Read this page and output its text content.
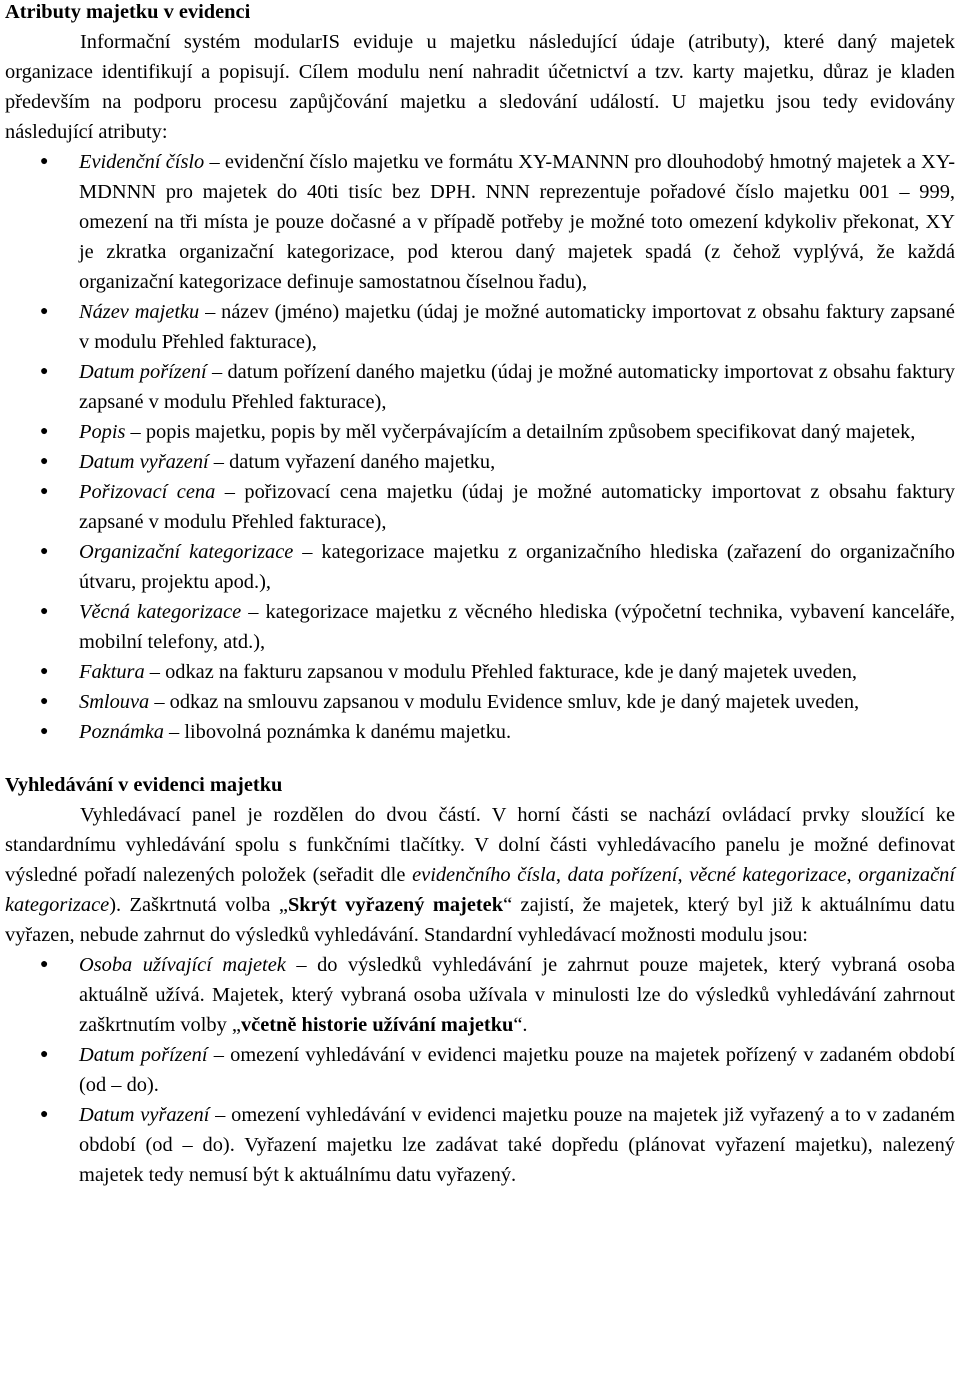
Atributy majetku v evidenci

Informační systém modularIS eviduje u majetku následující údaje (atributy), které daný majetek organizace identifikují a popisují. Cílem modulu není nahradit účetnictví a tzv. karty majetku, důraz je kladen především na podporu procesu zapůjčování majetku a sledování událostí. U majetku jsou tedy evidovány následující atributy:

● Evidenční číslo – evidenční číslo majetku ve formátu XY-MANNN pro dlouhodobý hmotný majetek a XY-MDNNN pro majetek do 40ti tisíc bez DPH. NNN reprezentuje pořadové číslo majetku 001 – 999, omezení na tři místa je pouze dočasné a v případě potřeby je možné toto omezení kdykoliv překonat, XY je zkratka organizační kategorizace, pod kterou daný majetek spadá (z čehož vyplývá, že každá organizační kategorizace definuje samostatnou číselnou řadu),
● Název majetku – název (jméno) majetku (údaj je možné automaticky importovat z obsahu faktury zapsané v modulu Přehled fakturace),
● Datum pořízení – datum pořízení daného majetku (údaj je možné automaticky importovat z obsahu faktury zapsané v modulu Přehled fakturace),
● Popis – popis majetku, popis by měl vyčerpávajícím a detailním způsobem specifikovat daný majetek,
● Datum vyřazení – datum vyřazení daného majetku,
● Pořizovací cena – pořizovací cena majetku (údaj je možné automaticky importovat z obsahu faktury zapsané v modulu Přehled fakturace),
● Organizační kategorizace – kategorizace majetku z organizačního hlediska (zařazení do organizačního útvaru, projektu apod.),
● Věcná kategorizace – kategorizace majetku z věcného hlediska (výpočetní technika, vybavení kanceláře, mobilní telefony, atd.),
● Faktura – odkaz na fakturu zapsanou v modulu Přehled fakturace, kde je daný majetek uveden,
● Smlouva – odkaz na smlouvu zapsanou v modulu Evidence smluv, kde je daný majetek uveden,
● Poznámka – libovolná poznámka k danému majetku.
Vyhledávání v evidenci majetku

Vyhledávací panel je rozdělen do dvou částí. V horní části se nachází ovládací prvky sloužící ke standardnímu vyhledávání spolu s funkčními tlačítky. V dolní části vyhledávacího panelu je možné definovat výsledné pořadí nalezených položek (seřadit dle evidenčního čísla, data pořízení, věcné kategorizace, organizační kategorizace). Zaškrtnutá volba „Skrýt vyřazený majetek“ zajistí, že majetek, který byl již k aktuálnímu datu vyřazen, nebude zahrnut do výsledků vyhledávání. Standardní vyhledávací možnosti modulu jsou:

● Osoba užívající majetek – do výsledků vyhledávání je zahrnut pouze majetek, který vybraná osoba aktuálně užívá. Majetek, který vybraná osoba užívala v minulosti lze do výsledků vyhledávání zahrnout zaškrtnutím volby „včetně historie užívání majetku“.
● Datum pořízení – omezení vyhledávání v evidenci majetku pouze na majetek pořízený v zadaném období (od – do).
● Datum vyřazení – omezení vyhledávání v evidenci majetku pouze na majetek již vyřazený a to v zadaném období (od – do). Vyřazení majetku lze zadávat také dopředu (plánovat vyřazení majetku), nalezený majetek tedy nemusí být k aktuálnímu datu vyřazený.
